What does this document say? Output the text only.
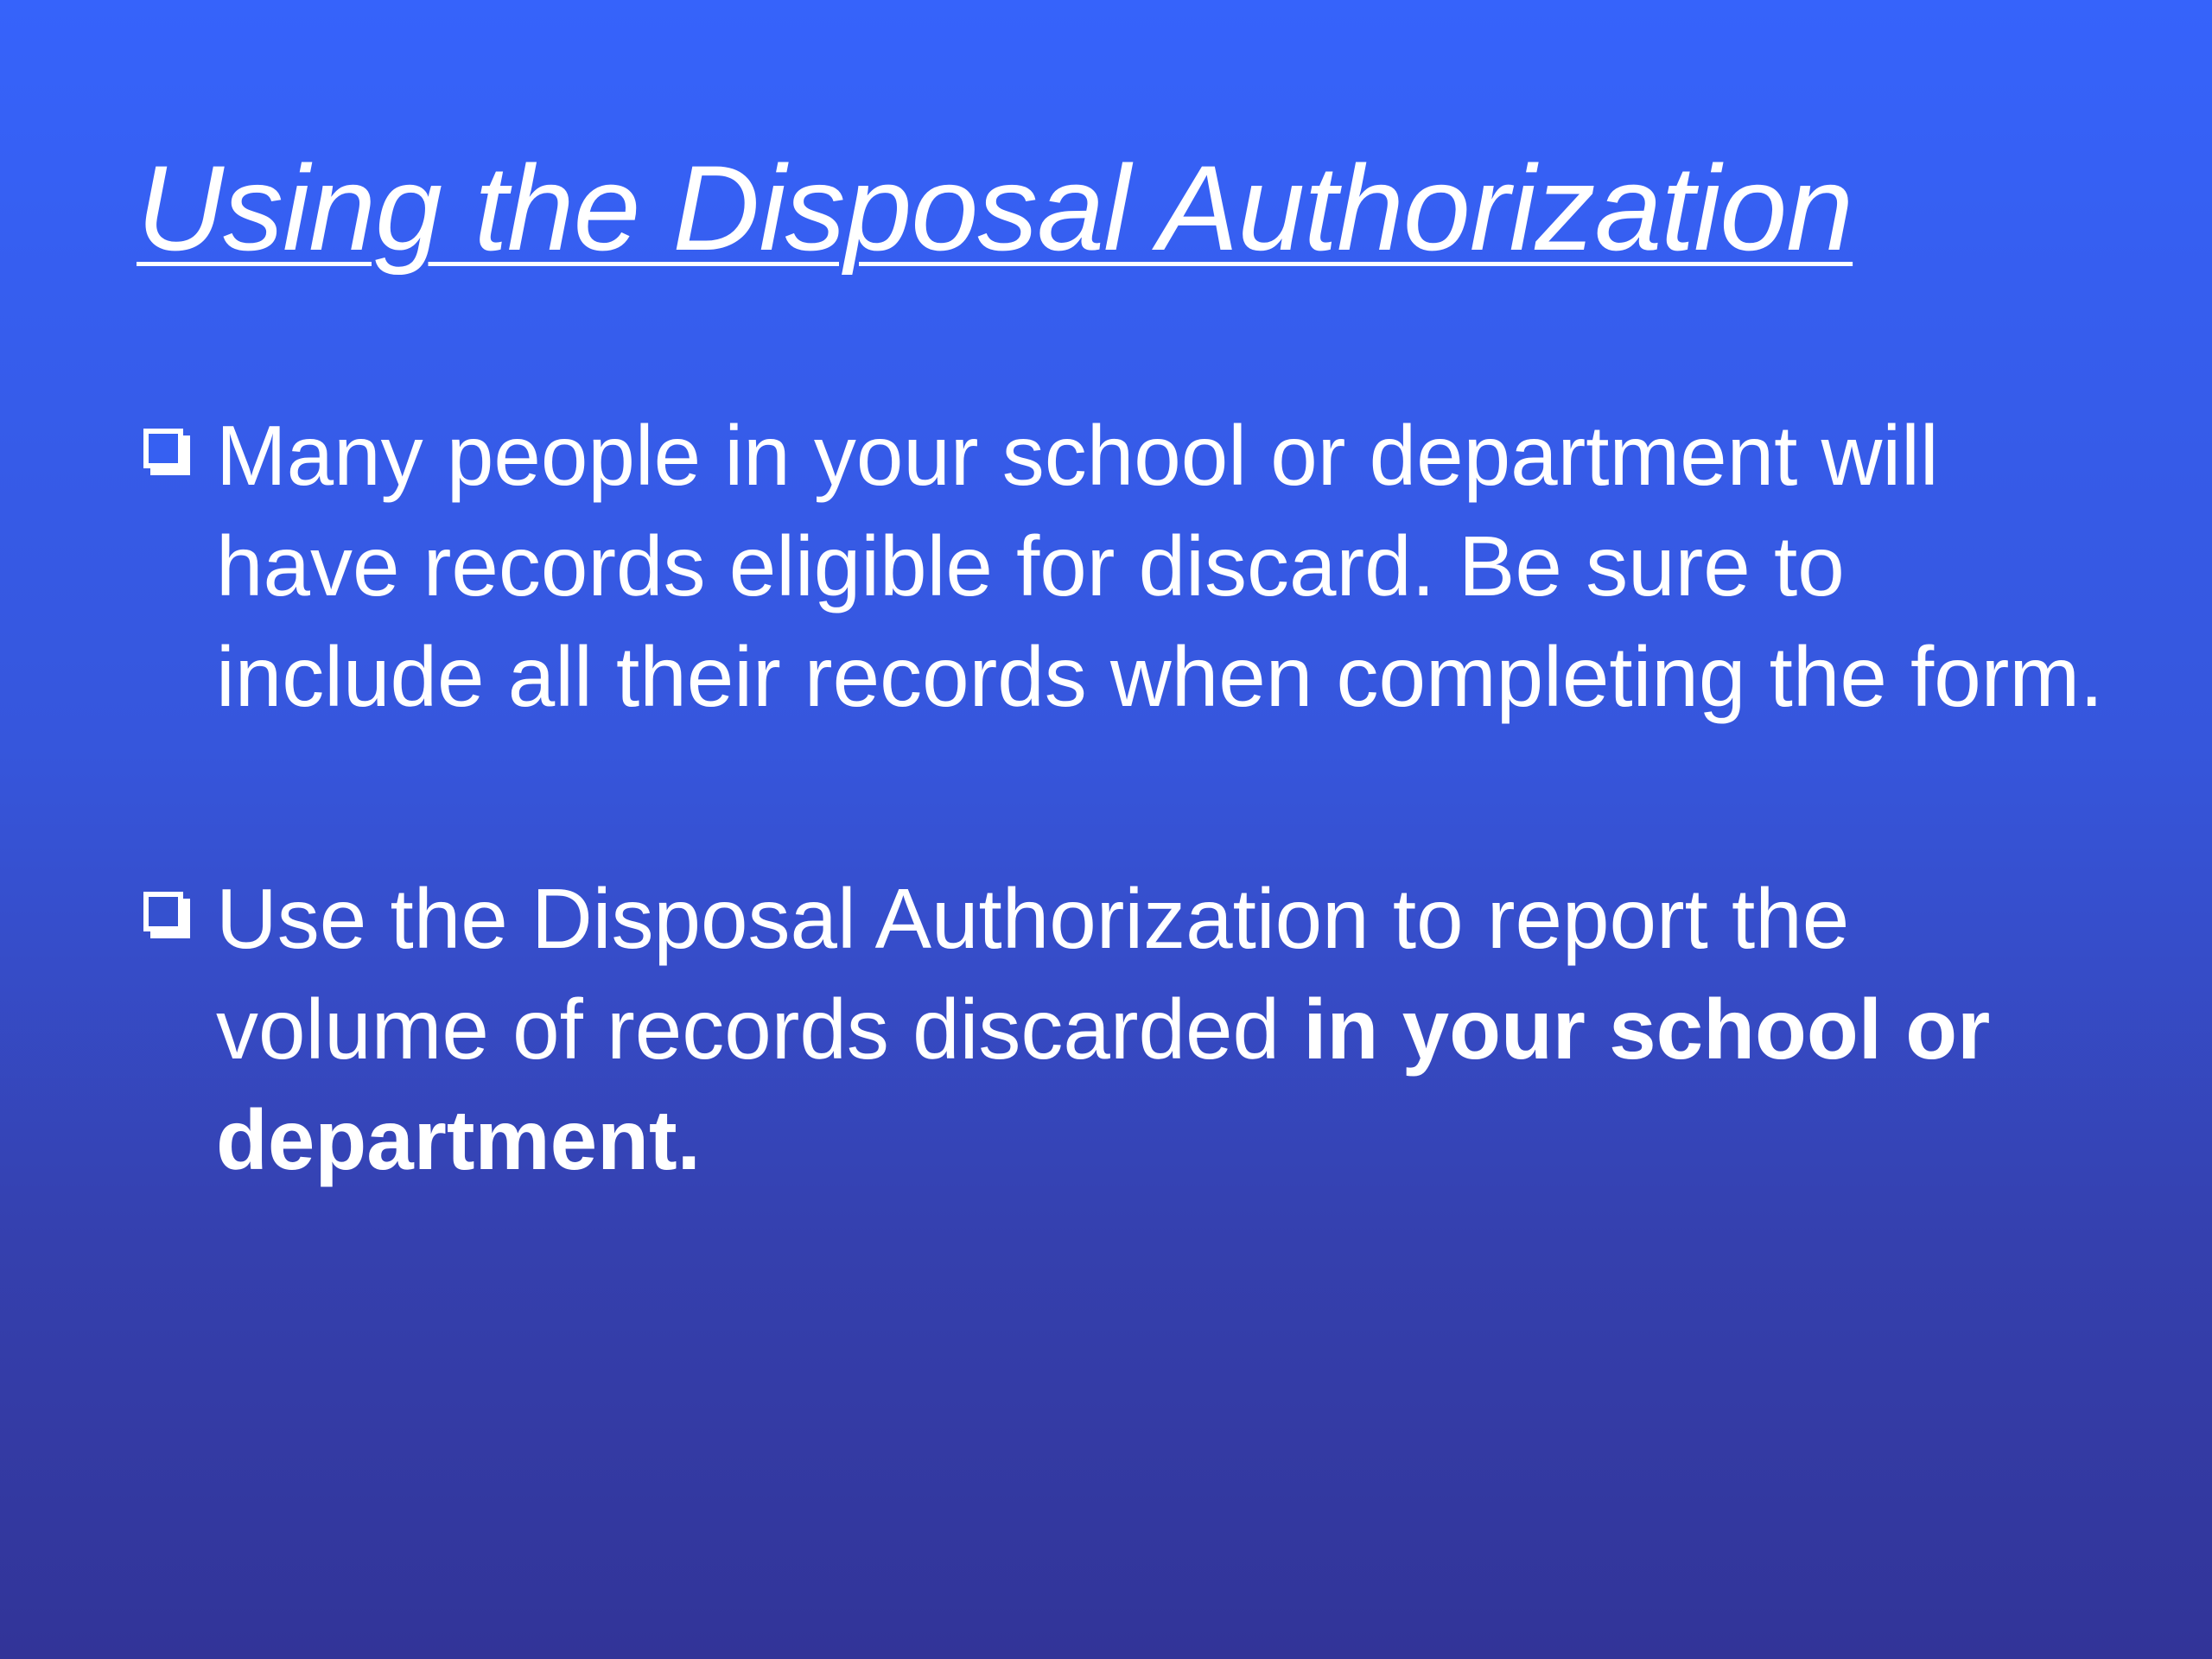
Using the Disposal Authorization
Many people in your school or department will have records eligible for discard. Be sure to include all their records when completing the form.
Use the Disposal Authorization to report the volume of records discarded in your school or department.
